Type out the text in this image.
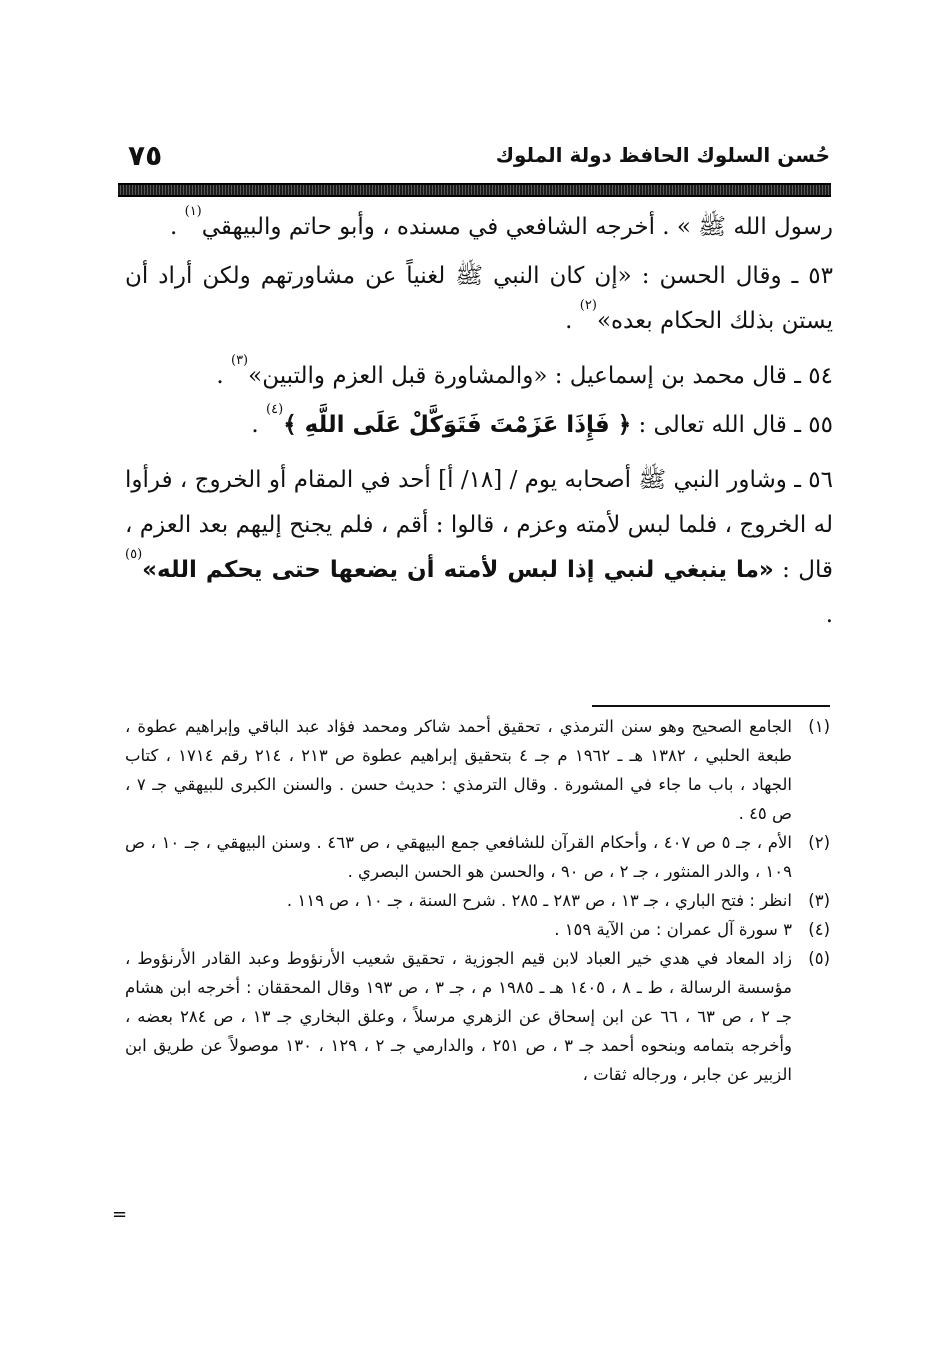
حُسن السلوك الحافظ دولة الملوك
٧٥

رسول الله ﷺ » . أخرجه الشافعي في مسنده ، وأبو حاتم والبيهقي$^{(١)}$ .

٥٣ ـ وقال الحسن : «إن كان النبي ﷺ لغنياً عن مشاورتهم ولكن أراد أن يستن بذلك الحكام بعده»$^{(٢)}$ .

٥٤ ـ قال محمد بن إسماعيل : «والمشاورة قبل العزم والتبين»$^{(٣)}$ .

٥٥ ـ قال الله تعالى : ﴿ فَإِذَا عَزَمْتَ فَتَوَكَّلْ عَلَى اللَّهِ ﴾$^{(٤)}$ .

٥٦ ـ وشاور النبي ﷺ أصحابه يوم / [١٨/ أ] أحد في المقام أو الخروج ، فرأوا له الخروج ، فلما لبس لأمته وعزم ، قالوا : أقم ، فلم يجنح إليهم بعد العزم ، قال : «ما ينبغي لنبي إذا لبس لأمته أن يضعها حتى يحكم الله»$^{(٥)}$ .

(١)
الجامع الصحيح وهو سنن الترمذي ، تحقيق أحمد شاكر ومحمد فؤاد عبد الباقي وإبراهيم عطوة ، طبعة الحلبي ، ١٣٨٢ هـ ـ ١٩٦٢ م جـ ٤ بتحقيق إبراهيم عطوة ص ٢١٣ ، ٢١٤ رقم ١٧١٤ ، كتاب الجهاد ، باب ما جاء في المشورة . وقال الترمذي : حديث حسن . والسنن الكبرى للبيهقي جـ ٧ ، ص ٤٥ .
(٢)
الأم ، جـ ٥ ص ٤٠٧ ، وأحكام القرآن للشافعي جمع البيهقي ، ص ٤٦٣ . وسنن البيهقي ، جـ ١٠ ، ص ١٠٩ ، والدر المنثور ، جـ ٢ ، ص ٩٠ ، والحسن هو الحسن البصري .
(٣)
انظر : فتح الباري ، جـ ١٣ ، ص ٢٨٣ ـ ٢٨٥ . شرح السنة ، جـ ١٠ ، ص ١١٩ .
(٤)
٣ سورة آل عمران : من الآية ١٥٩ .
(٥)
زاد المعاد في هدي خير العباد لابن قيم الجوزية ، تحقيق شعيب الأرنؤوط وعبد القادر الأرنؤوط ، مؤسسة الرسالة ، ط ـ ٨ ، ١٤٠٥ هـ ـ ١٩٨٥ م ، جـ ٣ ، ص ١٩٣ وقال المحققان : أخرجه ابن هشام جـ ٢ ، ص ٦٣ ، ٦٦ عن ابن إسحاق عن الزهري مرسلاً ، وعلق البخاري جـ ١٣ ، ص ٢٨٤ بعضه ، وأخرجه بتمامه وبنحوه أحمد جـ ٣ ، ص ٢٥١ ، والدارمي جـ ٢ ، ١٢٩ ، ١٣٠ موصولاً عن طريق ابن الزبير عن جابر ، ورجاله ثقات ،
=
